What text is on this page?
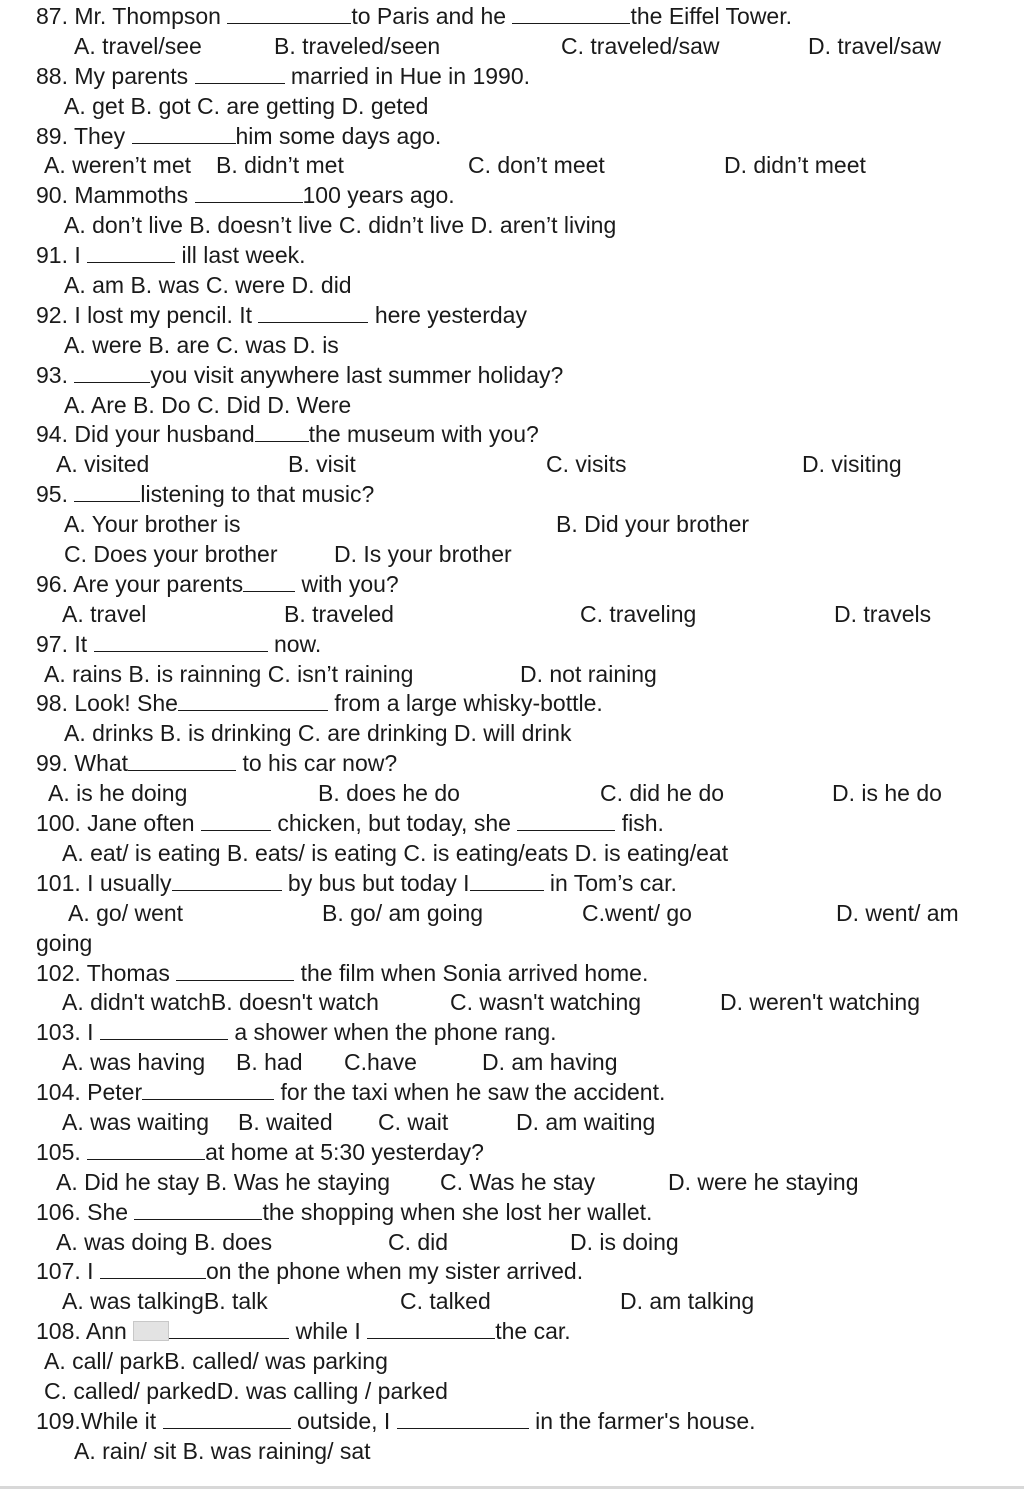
87. Mr. Thompson	to Paris and he	the Eiffel Tower.
A. travel/see	B. traveled/seen	C. traveled/saw	D. travel/saw
88. My parents	married in Hue in 1990.
A. get B. got C. are getting D. geted
89. They	him some days ago.
A. weren’t met B. didn’t met	C. don’t meet	D. didn’t meet
90. Mammoths	100 years ago.
A. don’t live B. doesn’t live C. didn’t live D. aren’t living
91. I	ill last week.
A. am B. was C. were D. did
92. I lost my pencil. It	here yesterday
A. were B. are C. was D. is
93.	you visit anywhere last summer holiday?
A. Are B. Do C. Did D. Were
94. Did your husband the museum with you?
A. visited	B. visit	C. visits	D. visiting
95.	listening to that music?
A. Your brother is	B. Did your brother
C. Does your brother D. Is your brother
96. Are your parents	with you?
A. travel	B. traveled	C. traveling	D. travels
97. It	now.
A. rains B. is rainning C. isn’t raining	D. not raining
98. Look! She	from a large whisky-bottle.
A. drinks B. is drinking C. are drinking D. will drink
99. What	to his car now?
A. is he doing	B. does he do	C. did he do	D. is he do
100. Jane often	chicken, but today, she	fish.
A. eat/ is eating B. eats/ is eating C. is eating/eats D. is eating/eat
101. I usually	by bus but today I	in Tom’s car.
A. go/ went	B. go/ am going	C.went/ go	D. went/ am
going
102. Thomas	the film when Sonia arrived home.
A. didn't watchB. doesn't watch	C. wasn't watching	D. weren't watching
103. I	a shower when the phone rang.
A. was having B. had C.have	D. am having
104. Peter	for the taxi when he saw the accident.
A. was waiting B. waited C. wait	D. am waiting
105.	at home at 5:30 yesterday?
A. Did he stay B. Was he staying C. Was he stay	D. were he staying
106. She	the shopping when she lost her wallet.
A. was doing B. does	C. did	D. is doing
107. I	on the phone when my sister arrived.
A. was talkingB. talk	C. talked	D. am talking
108. Ann	while I	the car.
A. call/ parkB. called/ was parking
C. called/ parkedD. was calling / parked
109.While it	outside, I	in the farmer's house.
A. rain/ sit B. was raining/ sat
